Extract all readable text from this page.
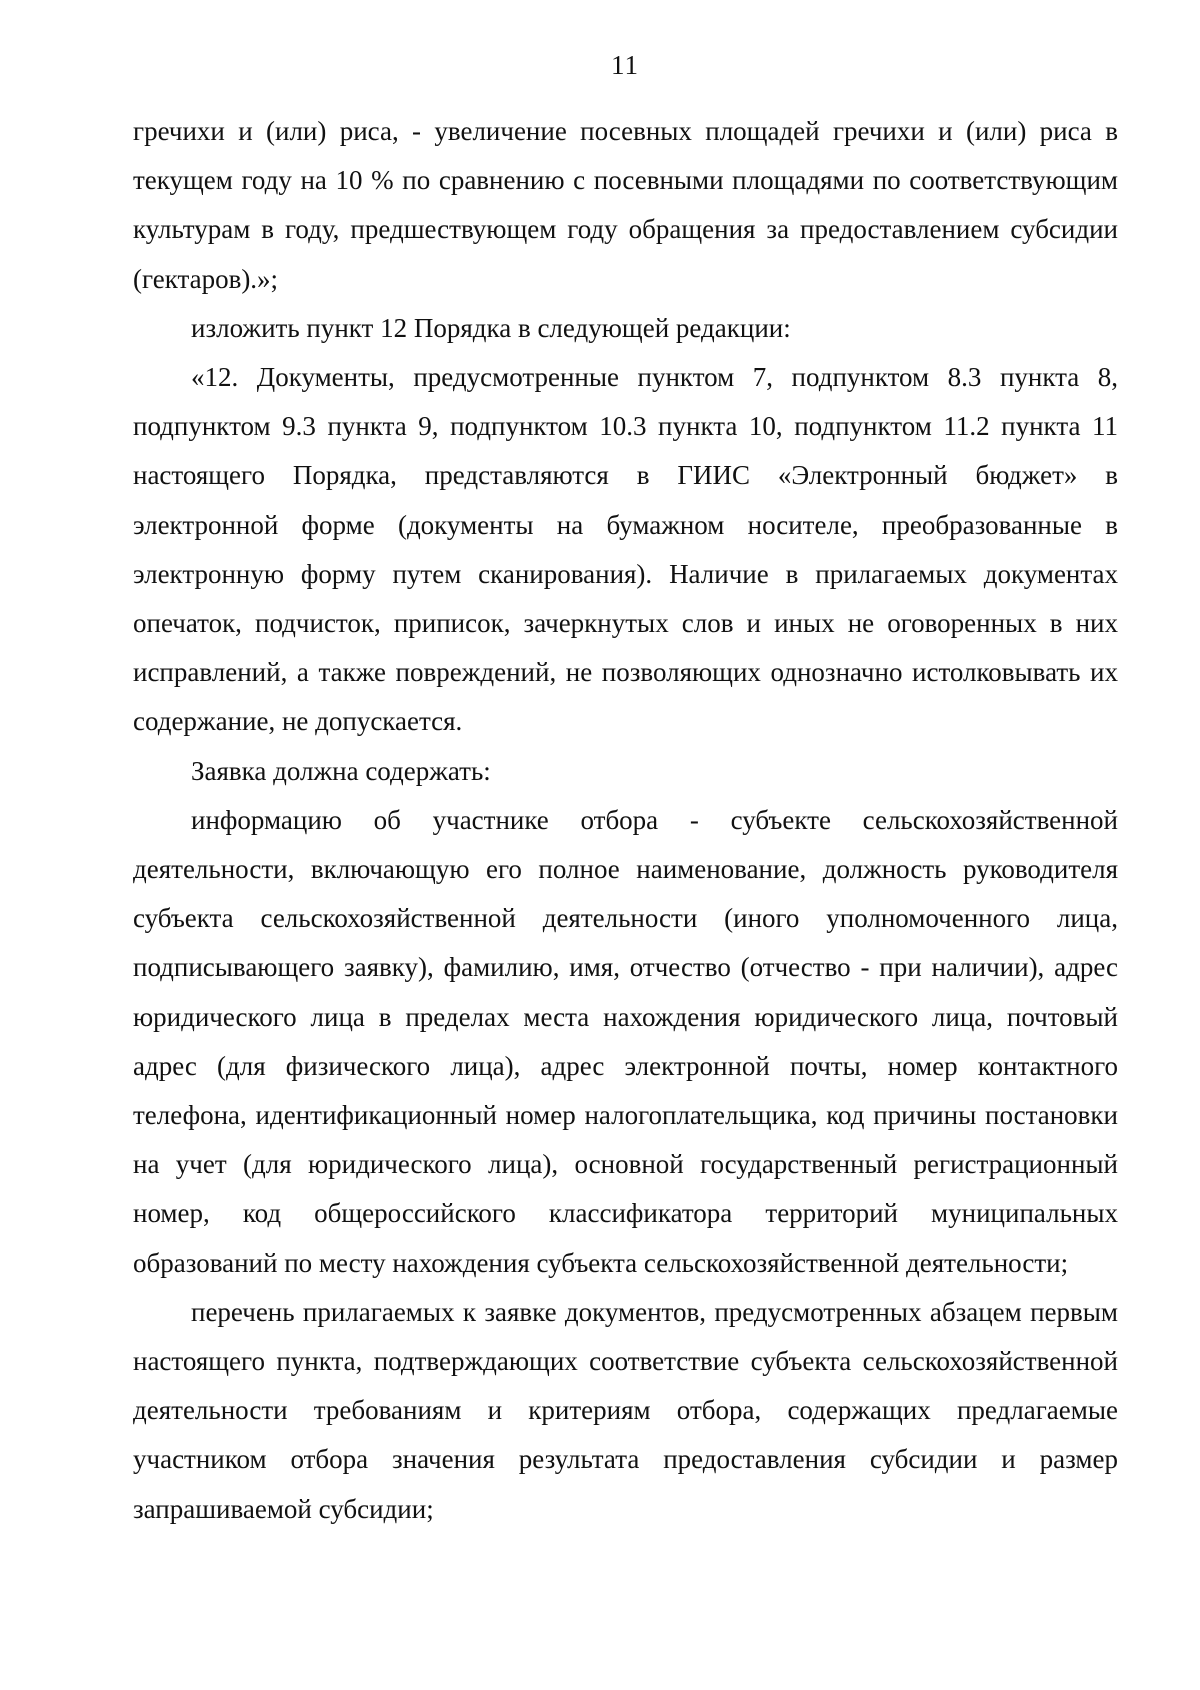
11

гречихи и (или) риса, - увеличение посевных площадей гречихи и (или) риса в текущем году на 10 % по сравнению с посевными площадями по соответствующим культурам в году, предшествующем году обращения за предоставлением субсидии (гектаров).»;

изложить пункт 12 Порядка в следующей редакции:

«12. Документы, предусмотренные пунктом 7, подпунктом 8.3 пункта 8, подпунктом 9.3 пункта 9, подпунктом 10.3 пункта 10, подпунктом 11.2 пункта 11 настоящего Порядка, представляются в ГИИС «Электронный бюджет» в электронной форме (документы на бумажном носителе, преобразованные в электронную форму путем сканирования). Наличие в прилагаемых документах опечаток, подчисток, приписок, зачеркнутых слов и иных не оговоренных в них исправлений, а также повреждений, не позволяющих однозначно истолковывать их содержание, не допускается.

Заявка должна содержать:

информацию об участнике отбора - субъекте сельскохозяйственной деятельности, включающую его полное наименование, должность руководителя субъекта сельскохозяйственной деятельности (иного уполномоченного лица, подписывающего заявку), фамилию, имя, отчество (отчество - при наличии), адрес юридического лица в пределах места нахождения юридического лица, почтовый адрес (для физического лица), адрес электронной почты, номер контактного телефона, идентификационный номер налогоплательщика, код причины постановки на учет (для юридического лица), основной государственный регистрационный номер, код общероссийского классификатора территорий муниципальных образований по месту нахождения субъекта сельскохозяйственной деятельности;

перечень прилагаемых к заявке документов, предусмотренных абзацем первым настоящего пункта, подтверждающих соответствие субъекта сельскохозяйственной деятельности требованиям и критериям отбора, содержащих предлагаемые участником отбора значения результата предоставления субсидии и размер запрашиваемой субсидии;
